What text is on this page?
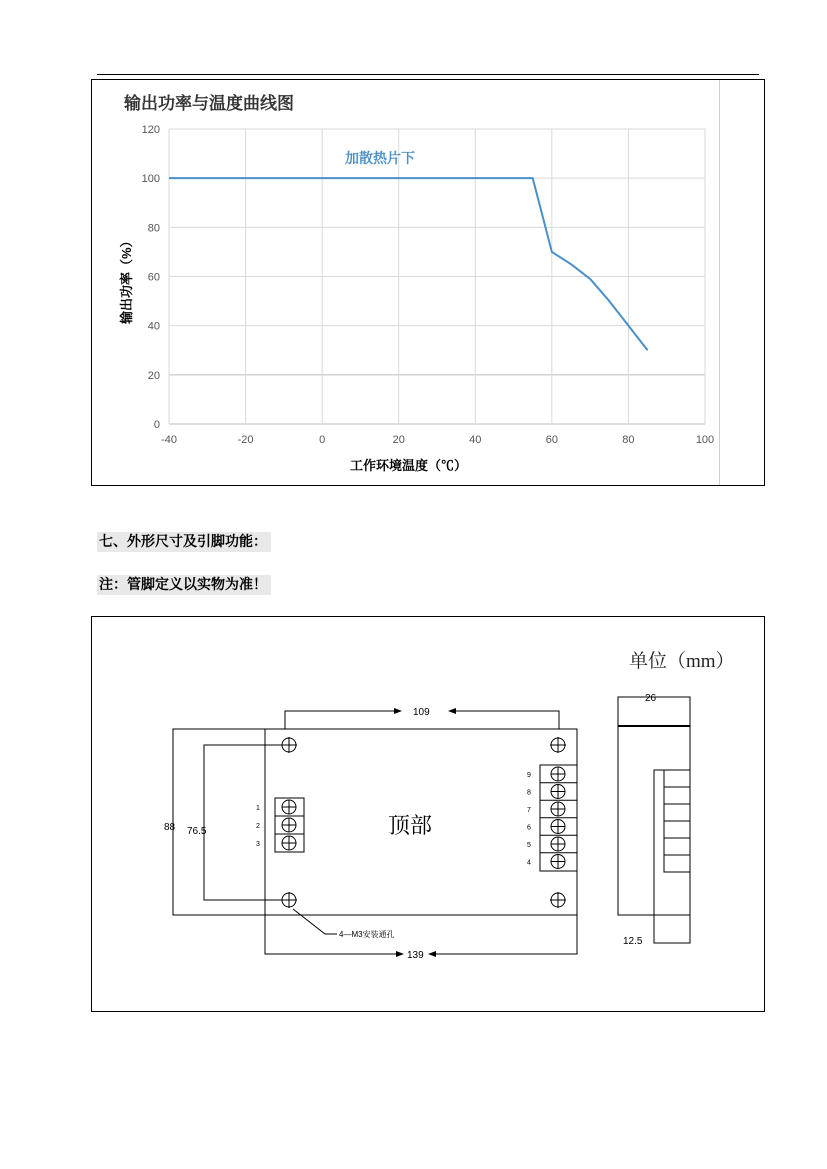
输出功率与温度曲线图
0
20
40
60
80
100
120
-40	-20	0	20	40	60	80	100
加散热片下
工作环境温度（℃）
输出功率（%）
七、外形尺寸及引脚功能：
注：管脚定义以实物为准！
单位（mm）
88 76.5
109
139
4—M3安装通孔
顶部
1
2
3
9
8
7
6
5
4
26
12.5
